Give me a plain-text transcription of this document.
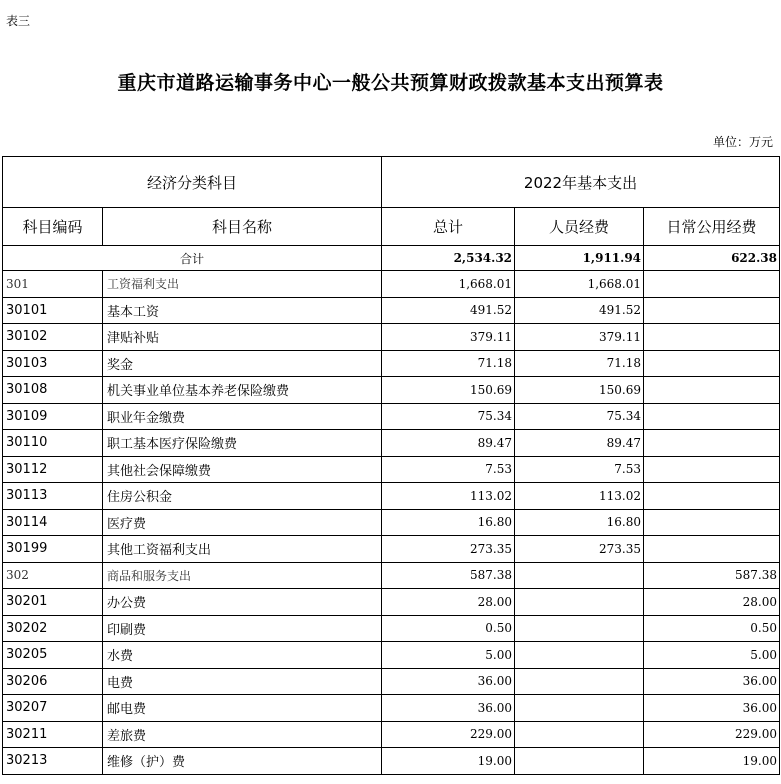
表三
重庆市道路运输事务中心一般公共预算财政拨款基本支出预算表
单位：万元
经济分类科目		2022年基本支出		
科目编码	科目名称	总计	人员经费	日常公用经费
合计		2,534.32	1,911.94	622.38
301	工资福利支出	1,668.01	1,668.01	
30101	基本工资	491.52	491.52	
30102	津贴补贴	379.11	379.11	
30103	奖金	71.18	71.18	
30108	机关事业单位基本养老保险缴费	150.69	150.69	
30109	职业年金缴费	75.34	75.34	
30110	职工基本医疗保险缴费	89.47	89.47	
30112	其他社会保障缴费	7.53	7.53	
30113	住房公积金	113.02	113.02	
30114	医疗费	16.80	16.80	
30199	其他工资福利支出	273.35	273.35	
302	商品和服务支出	587.38		587.38
30201	办公费	28.00		28.00
30202	印刷费	0.50		0.50
30205	水费	5.00		5.00
30206	电费	36.00		36.00
30207	邮电费	36.00		36.00
30211	差旅费	229.00		229.00
30213	维修（护）费	19.00		19.00
